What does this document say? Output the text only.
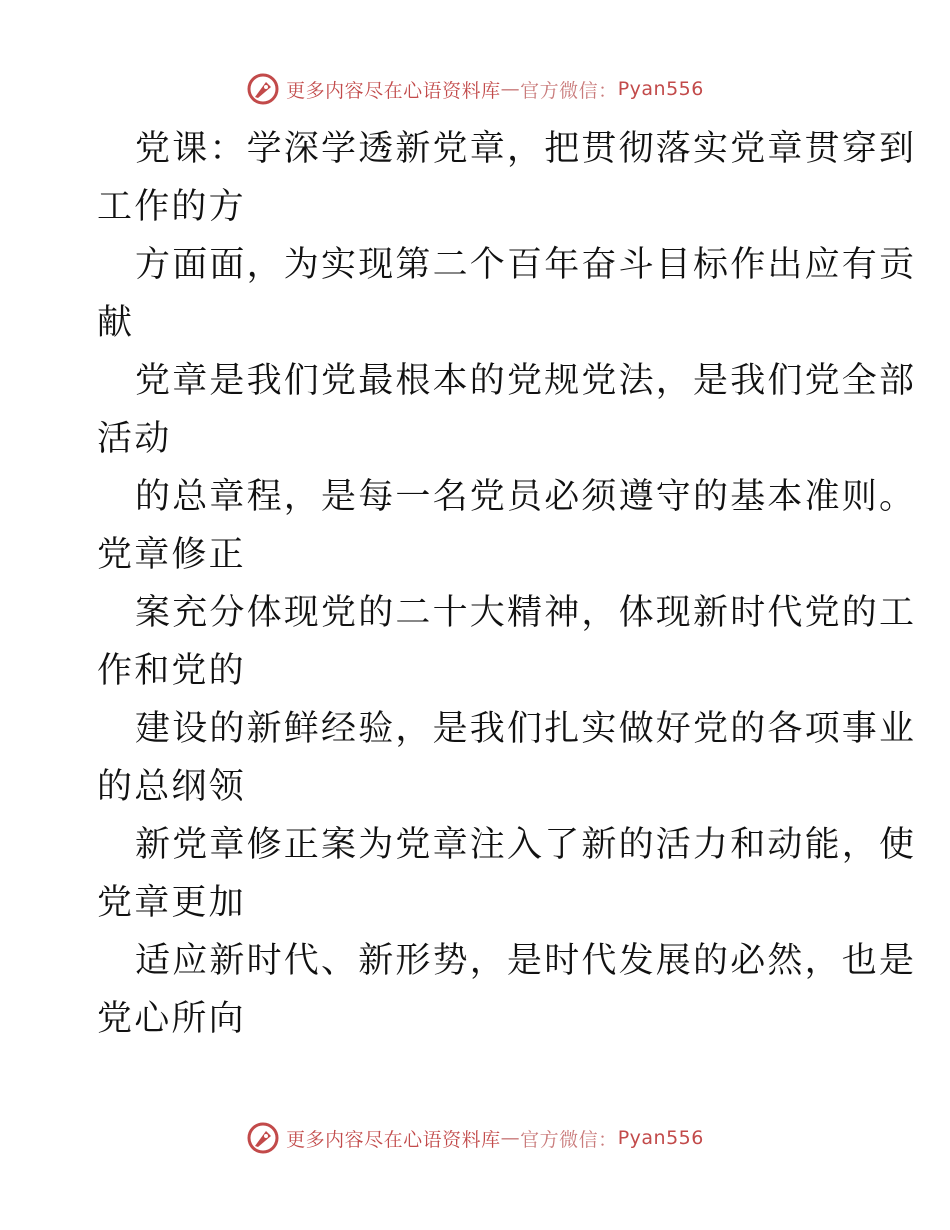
更多内容尽在心语资料库 — 官方微信： Pyan556
党课：学深学透新党章，把贯彻落实党章贯穿到
工作的方
方面面，为实现第二个百年奋斗目标作出应有贡
献
党章是我们党最根本的党规党法，是我们党全部
活动
的总章程，是每一名党员必须遵守的基本准则。
党章修正
案充分体现党的二十大精神，体现新时代党的工
作和党的
建设的新鲜经验，是我们扎实做好党的各项事业
的总纲领
新党章修正案为党章注入了新的活力和动能，使
党章更加
适应新时代、新形势，是时代发展的必然，也是
党心所向
更多内容尽在心语资料库 — 官方微信： Pyan556
